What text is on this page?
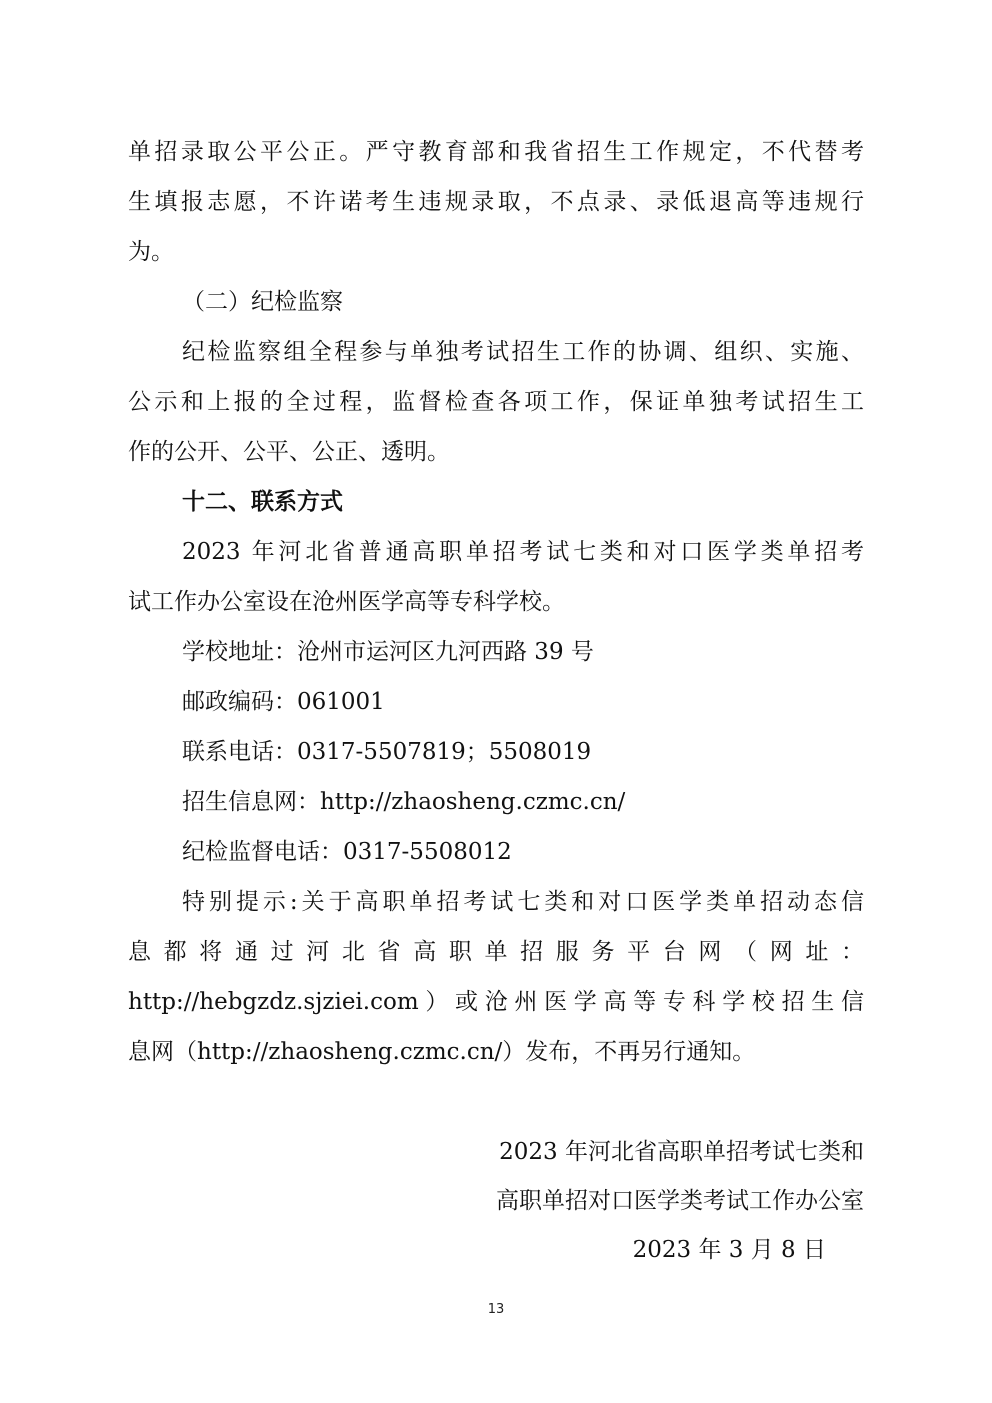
单招录取公平公正。严守教育部和我省招生工作规定，不代替考
生填报志愿，不许诺考生违规录取，不点录、录低退高等违规行
为。
（二）纪检监察
纪检监察组全程参与单独考试招生工作的协调、组织、实施、
公示和上报的全过程，监督检查各项工作，保证单独考试招生工
作的公开、公平、公正、透明。
十二、联系方式
2023 年河北省普通高职单招考试七类和对口医学类单招考
试工作办公室设在沧州医学高等专科学校。
学校地址：沧州市运河区九河西路 39 号
邮政编码：061001
联系电话：0317-5507819；5508019
招生信息网：http://zhaosheng.czmc.cn/
纪检监督电话：0317-5508012
特别提示:关于高职单招考试七类和对口医学类单招动态信
息都将通过河北省高职单招服务平台网（网址：
http://hebgzdz.sjziei.com）或沧州医学高等专科学校招生信
息网（http://zhaosheng.czmc.cn/）发布，不再另行通知。
2023 年河北省高职单招考试七类和
高职单招对口医学类考试工作办公室
2023 年 3 月 8 日
13
